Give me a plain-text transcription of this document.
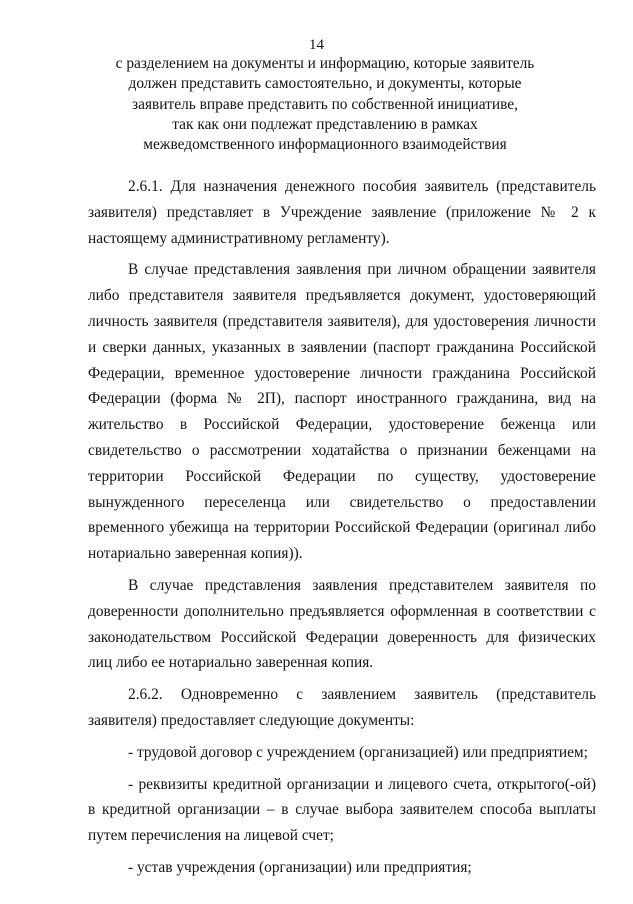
14
с разделением на документы и информацию, которые заявитель
должен представить самостоятельно, и документы, которые
заявитель вправе представить по собственной инициативе,
так как они подлежат представлению в рамках
межведомственного информационного взаимодействия

2.6.1. Для назначения денежного пособия заявитель (представитель заявителя) представляет в Учреждение заявление (приложение № 2 к настоящему административному регламенту).

В случае представления заявления при личном обращении заявителя либо представителя заявителя предъявляется документ, удостоверяющий личность заявителя (представителя заявителя), для удостоверения личности и сверки данных, указанных в заявлении (паспорт гражданина Российской Федерации, временное удостоверение личности гражданина Российской Федерации (форма № 2П), паспорт иностранного гражданина, вид на жительство в Российской Федерации, удостоверение беженца или свидетельство о рассмотрении ходатайства о признании беженцами на территории Российской Федерации по существу, удостоверение вынужденного переселенца или свидетельство о предоставлении временного убежища на территории Российской Федерации (оригинал либо нотариально заверенная копия)).

В случае представления заявления представителем заявителя по доверенности дополнительно предъявляется оформленная в соответствии с законодательством Российской Федерации доверенность для физических лиц либо ее нотариально заверенная копия.

2.6.2. Одновременно с заявлением заявитель (представитель заявителя) предоставляет следующие документы:

- трудовой договор с учреждением (организацией) или предприятием;

- реквизиты кредитной организации и лицевого счета, открытого(-ой) в кредитной организации – в случае выбора заявителем способа выплаты путем перечисления на лицевой счет;

- устав учреждения (организации) или предприятия;
